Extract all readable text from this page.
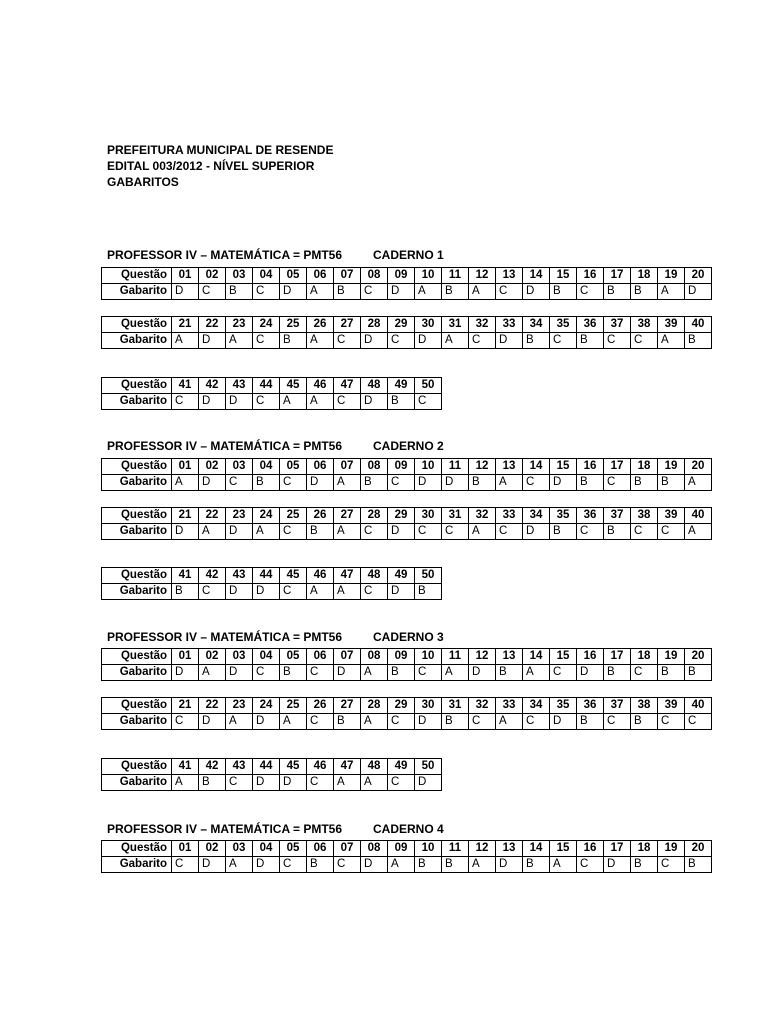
PREFEITURA MUNICIPAL DE RESENDE
EDITAL 003/2012 - NÍVEL SUPERIOR
GABARITOS
PROFESSOR IV – MATEMÁTICA = PMT56	CADERNO 1
Questão	01	02	03	04	05	06	07	08	09	10	11	12	13	14	15	16	17	18	19	20
Gabarito	D	C	B	C	D	A	B	C	D	A	B	A	C	D	B	C	B	B	A	D
Questão	21	22	23	24	25	26	27	28	29	30	31	32	33	34	35	36	37	38	39	40
Gabarito	A	D	A	C	B	A	C	D	C	D	A	C	D	B	C	B	C	C	A	B
Questão	41	42	43	44	45	46	47	48	49	50
Gabarito	C	D	D	C	A	A	C	D	B	C
PROFESSOR IV – MATEMÁTICA = PMT56	CADERNO 2
Questão	01	02	03	04	05	06	07	08	09	10	11	12	13	14	15	16	17	18	19	20
Gabarito	A	D	C	B	C	D	A	B	C	D	D	B	A	C	D	B	C	B	B	A
Questão	21	22	23	24	25	26	27	28	29	30	31	32	33	34	35	36	37	38	39	40
Gabarito	D	A	D	A	C	B	A	C	D	C	C	A	C	D	B	C	B	C	C	A
Questão	41	42	43	44	45	46	47	48	49	50
Gabarito	B	C	D	D	C	A	A	C	D	B
PROFESSOR IV – MATEMÁTICA = PMT56	CADERNO 3
Questão	01	02	03	04	05	06	07	08	09	10	11	12	13	14	15	16	17	18	19	20
Gabarito	D	A	D	C	B	C	D	A	B	C	A	D	B	A	C	D	B	C	B	B
Questão	21	22	23	24	25	26	27	28	29	30	31	32	33	34	35	36	37	38	39	40
Gabarito	C	D	A	D	A	C	B	A	C	D	B	C	A	C	D	B	C	B	C	C
Questão	41	42	43	44	45	46	47	48	49	50
Gabarito	A	B	C	D	D	C	A	A	C	D
PROFESSOR IV – MATEMÁTICA = PMT56	CADERNO 4
Questão	01	02	03	04	05	06	07	08	09	10	11	12	13	14	15	16	17	18	19	20
Gabarito	C	D	A	D	C	B	C	D	A	B	B	A	D	B	A	C	D	B	C	B
